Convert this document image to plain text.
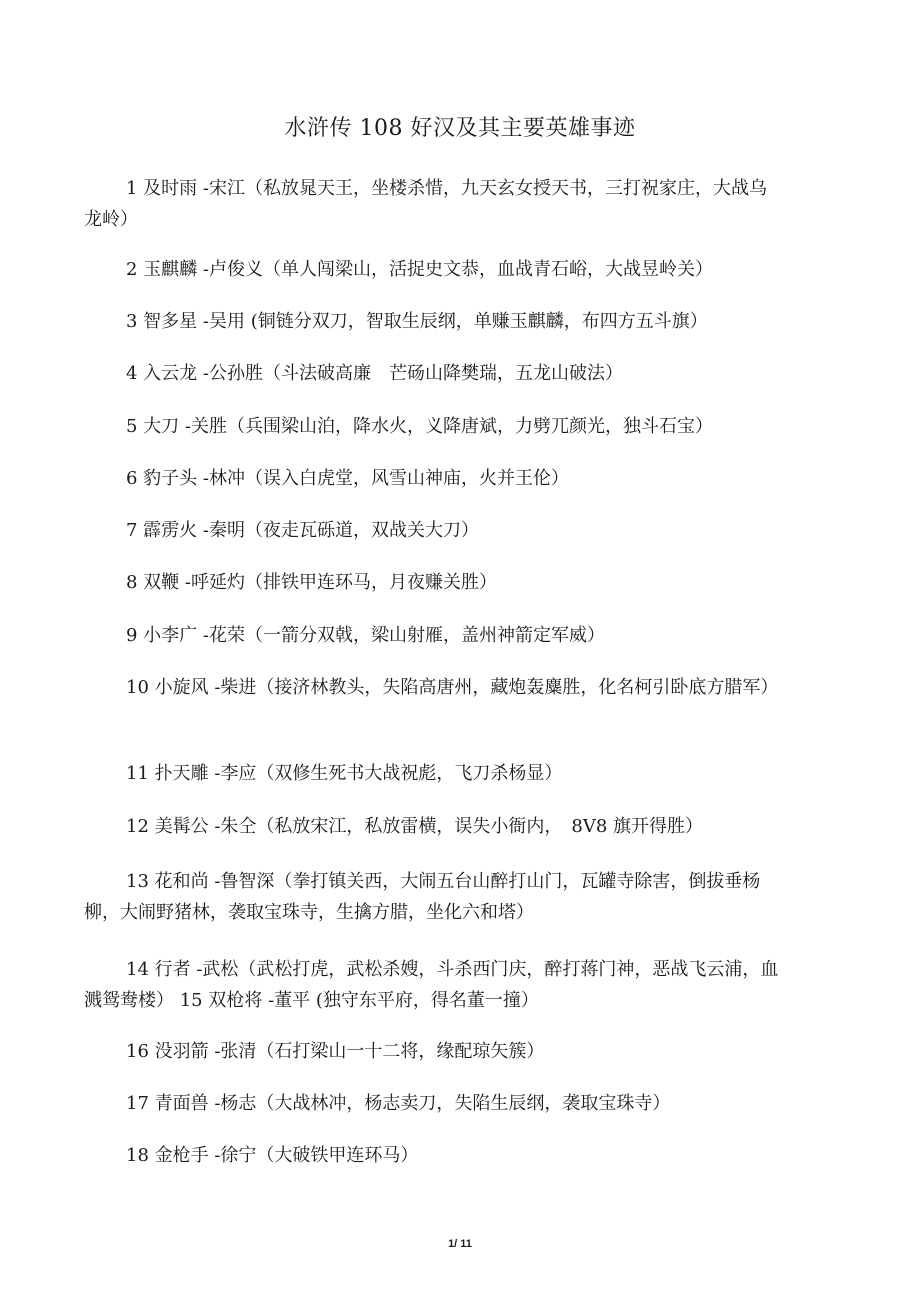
水浒传 108 好汉及其主要英雄事迹

1 及时雨 -宋江（私放晁天王，坐楼杀惜，九天玄女授天书，三打祝家庄，大战乌龙岭）

2 玉麒麟 -卢俊义（单人闯梁山，活捉史文恭，血战青石峪，大战昱岭关）

3 智多星 -吴用 (铜链分双刀，智取生辰纲，单赚玉麒麟，布四方五斗旗）

4 入云龙 -公孙胜（斗法破高廉　芒砀山降樊瑞，五龙山破法）

5 大刀 -关胜（兵围梁山泊，降水火，义降唐斌，力劈兀颜光，独斗石宝）

6 豹子头 -林冲（误入白虎堂，风雪山神庙，火并王伦）

7 霹雳火 -秦明（夜走瓦砾道，双战关大刀）

8 双鞭 -呼延灼（排铁甲连环马，月夜赚关胜）

9 小李广 -花荣（一箭分双戟，梁山射雁，盖州神箭定军威）

10 小旋风 -柴进（接济林教头，失陷高唐州，藏炮轰麋胜，化名柯引卧底方腊军）

11 扑天雕 -李应（双修生死书大战祝彪，飞刀杀杨显）

12 美髯公 -朱仝（私放宋江，私放雷横，误失小衙内，　8V8 旗开得胜）

13 花和尚 -鲁智深（拳打镇关西，大闹五台山醉打山门，瓦罐寺除害，倒拔垂杨柳，大闹野猪林，袭取宝珠寺，生擒方腊，坐化六和塔）

14 行者 -武松（武松打虎，武松杀嫂，斗杀西门庆，醉打蒋门神，恶战飞云浦，血溅鸳鸯楼） 15 双枪将 -董平 (独守东平府，得名董一撞）

16 没羽箭 -张清（石打梁山一十二将，缘配琼矢簇）

17 青面兽 -杨志（大战林冲，杨志卖刀，失陷生辰纲，袭取宝珠寺）

18 金枪手 -徐宁（大破铁甲连环马）

1/ 11
